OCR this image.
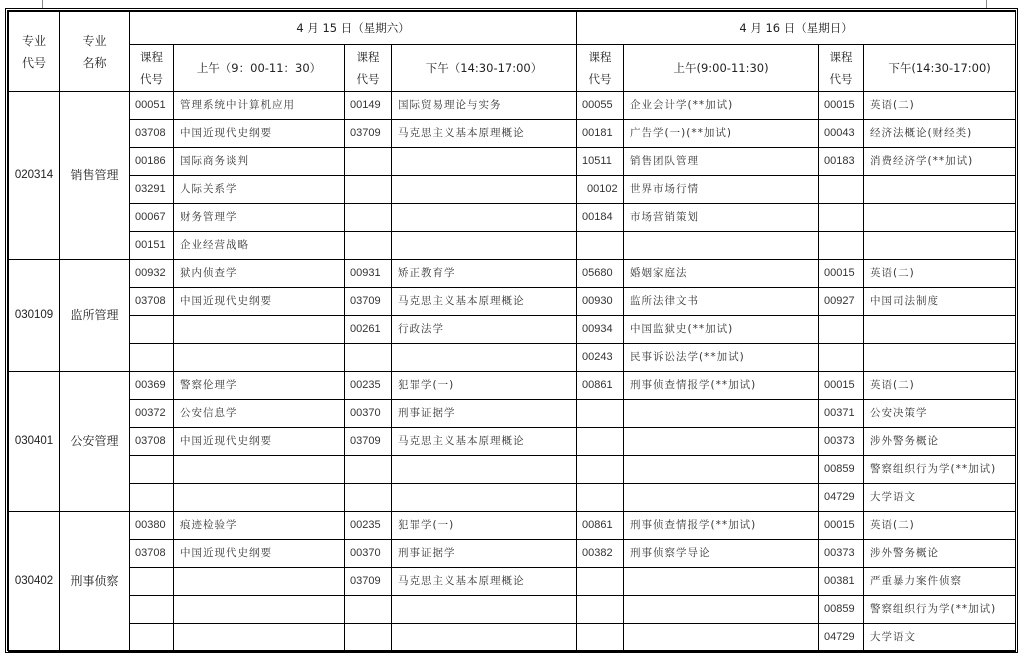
专业
代号

专业
名称
	4 月 15 日（星期六）	4 月 16 日（星期日）

课程
代号
	上午（9：00-11：30）	
课程
代号
	下午（14:30-17:00）	
课程
代号
	上午(9:00-11:30)	
课程
代号
	下午(14:30-17:00)
020314	销售管理	00051	管理系统中计算机应用	00149	国际贸易理论与实务	00055	企业会计学(**加试)	00015	英语(二)
		03708	中国近现代史纲要	03709	马克思主义基本原理概论	00181	广告学(一)(**加试)	00043	经济法概论(财经类)
		00186	国际商务谈判			10511	销售团队管理	00183	消费经济学(**加试)
		03291	人际关系学			00102	世界市场行情		
		00067	财务管理学			00184	市场营销策划		
		00151	企业经营战略						
030109	监所管理	00932	狱内侦查学	00931	矫正教育学	05680	婚姻家庭法	00015	英语(二)
		03708	中国近现代史纲要	03709	马克思主义基本原理概论	00930	监所法律文书	00927	中国司法制度
				00261	行政法学	00934	中国监狱史(**加试)		
						00243	民事诉讼法学(**加试)		
030401	公安管理	00369	警察伦理学	00235	犯罪学(一)	00861	刑事侦查情报学(**加试)	00015	英语(二)
		00372	公安信息学	00370	刑事证据学			00371	公安决策学
		03708	中国近现代史纲要	03709	马克思主义基本原理概论			00373	涉外警务概论
								00859	警察组织行为学(**加试)
								04729	大学语文
030402	刑事侦察	00380	痕迹检验学	00235	犯罪学(一)	00861	刑事侦查情报学(**加试)	00015	英语(二)
		03708	中国近现代史纲要	00370	刑事证据学	00382	刑事侦察学导论	00373	涉外警务概论
				03709	马克思主义基本原理概论			00381	严重暴力案件侦察
								00859	警察组织行为学(**加试)
								04729	大学语文
